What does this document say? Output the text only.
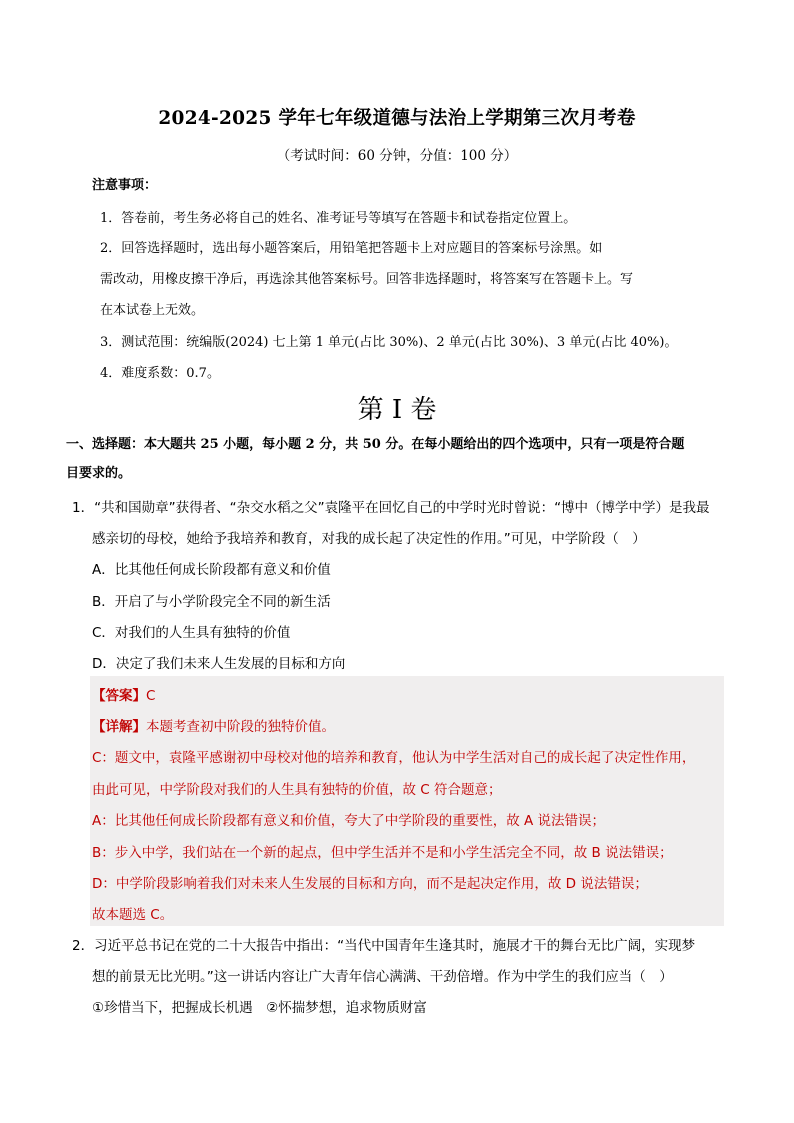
2024-2025 学年七年级道德与法治上学期第三次月考卷
（考试时间：60 分钟，分值：100 分）
注意事项：
1．答卷前，考生务必将自己的姓名、准考证号等填写在答题卡和试卷指定位置上。
2．回答选择题时，选出每小题答案后，用铅笔把答题卡上对应题目的答案标号涂黑。如
需改动，用橡皮擦干净后，再选涂其他答案标号。回答非选择题时，将答案写在答题卡上。写
在本试卷上无效。
3．测试范围：统编版(2024) 七上第 1 单元(占比 30%)、2 单元(占比 30%)、3 单元(占比 40%)。
4．难度系数：0.7。
第 I 卷
一、选择题：本大题共 25 小题，每小题 2 分，共 50 分。在每小题给出的四个选项中，只有一项是符合题
目要求的。
1．“共和国勋章”获得者、“杂交水稻之父”袁隆平在回忆自己的中学时光时曾说：“博中（博学中学）是我最
感亲切的母校，她给予我培养和教育，对我的成长起了决定性的作用。”可见，中学阶段（　）
A．比其他任何成长阶段都有意义和价值
B．开启了与小学阶段完全不同的新生活
C．对我们的人生具有独特的价值
D．决定了我们未来人生发展的目标和方向
【答案】C
【详解】本题考查初中阶段的独特价值。
C：题文中，袁隆平感谢初中母校对他的培养和教育，他认为中学生活对自己的成长起了决定性作用，
由此可见，中学阶段对我们的人生具有独特的价值，故 C 符合题意；
A：比其他任何成长阶段都有意义和价值，夸大了中学阶段的重要性，故 A 说法错误；
B：步入中学，我们站在一个新的起点，但中学生活并不是和小学生活完全不同，故 B 说法错误；
D：中学阶段影响着我们对未来人生发展的目标和方向，而不是起决定作用，故 D 说法错误；
故本题选 C。
2．习近平总书记在党的二十大报告中指出：“当代中国青年生逢其时，施展才干的舞台无比广阔，实现梦
想的前景无比光明。”这一讲话内容让广大青年信心满满、干劲倍增。作为中学生的我们应当（　）
①珍惜当下，把握成长机遇　②怀揣梦想，追求物质财富
